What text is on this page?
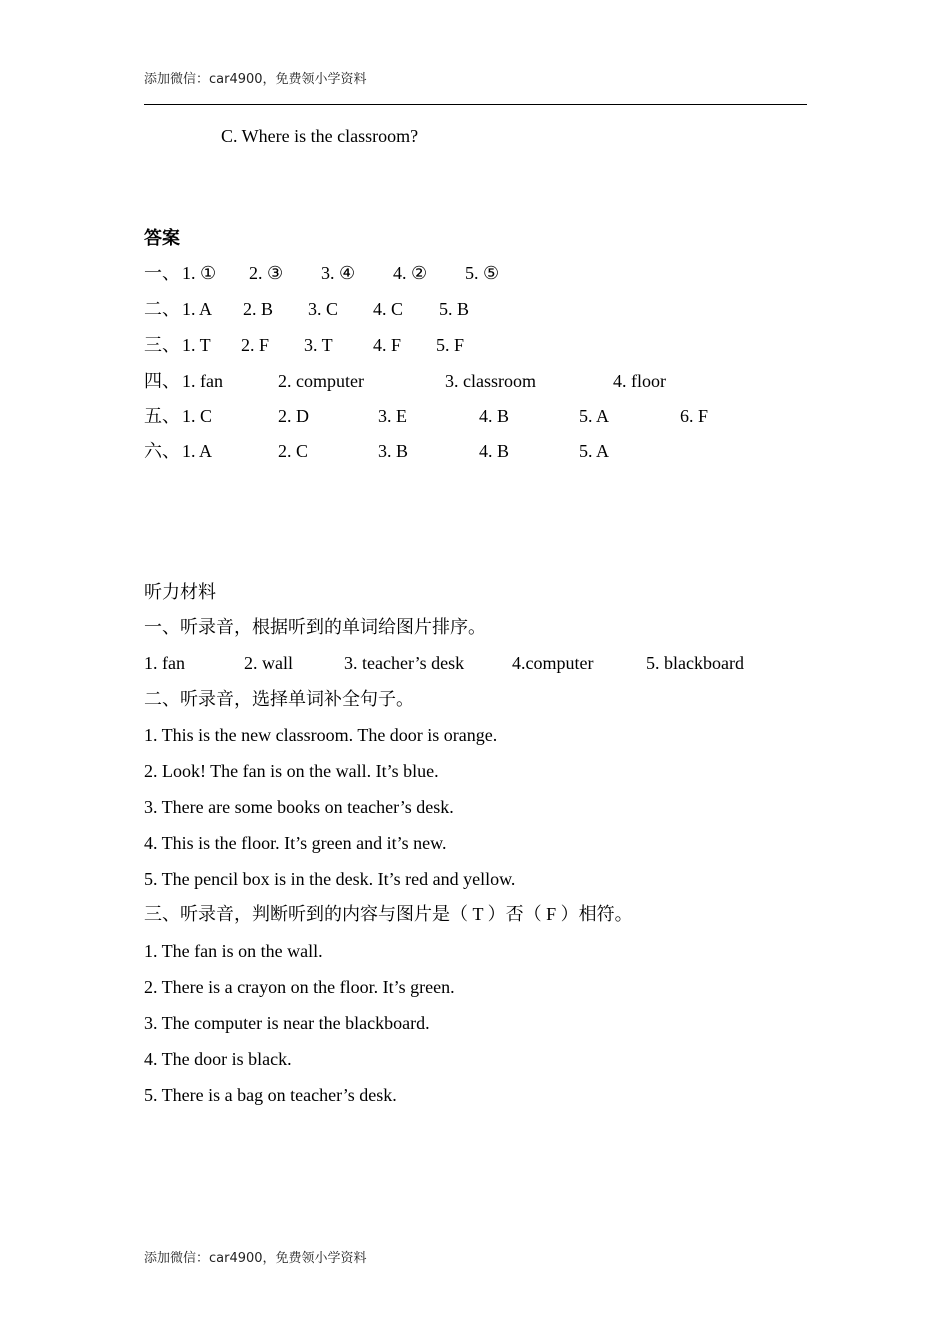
添加微信：car4900，免费领小学资料
C. Where is the classroom?
答案
一、 1. ① 2. ③ 3. ④ 4. ② 5. ⑤
二、 1. A 2. B 3. C 4. C 5. B
三、 1. T 2. F 3. T 4. F 5. F
四、 1. fan	2. computer	3. classroom	4. floor
五、 1. C	2. D	3. E	4. B	5. A	6. F
六、 1. A	2. C	3. B	4. B	5. A
听力材料
一、听录音，根据听到的单词给图片排序。
1. fan	2. wall	3. teacher’s desk	4.computer	5. blackboard
二、听录音，选择单词补全句子。
1. This is the new classroom. The door is orange.
2. Look! The fan is on the wall. It’s blue.
3. There are some books on teacher’s desk.
4. This is the floor. It’s green and it’s new.
5. The pencil box is in the desk. It’s red and yellow.
三、听录音，判断听到的内容与图片是（ T ）否（ F ）相符。
1. The fan is on the wall.
2. There is a crayon on the floor. It’s green.
3. The computer is near the blackboard.
4. The door is black.
5. There is a bag on teacher’s desk.
添加微信：car4900，免费领小学资料
